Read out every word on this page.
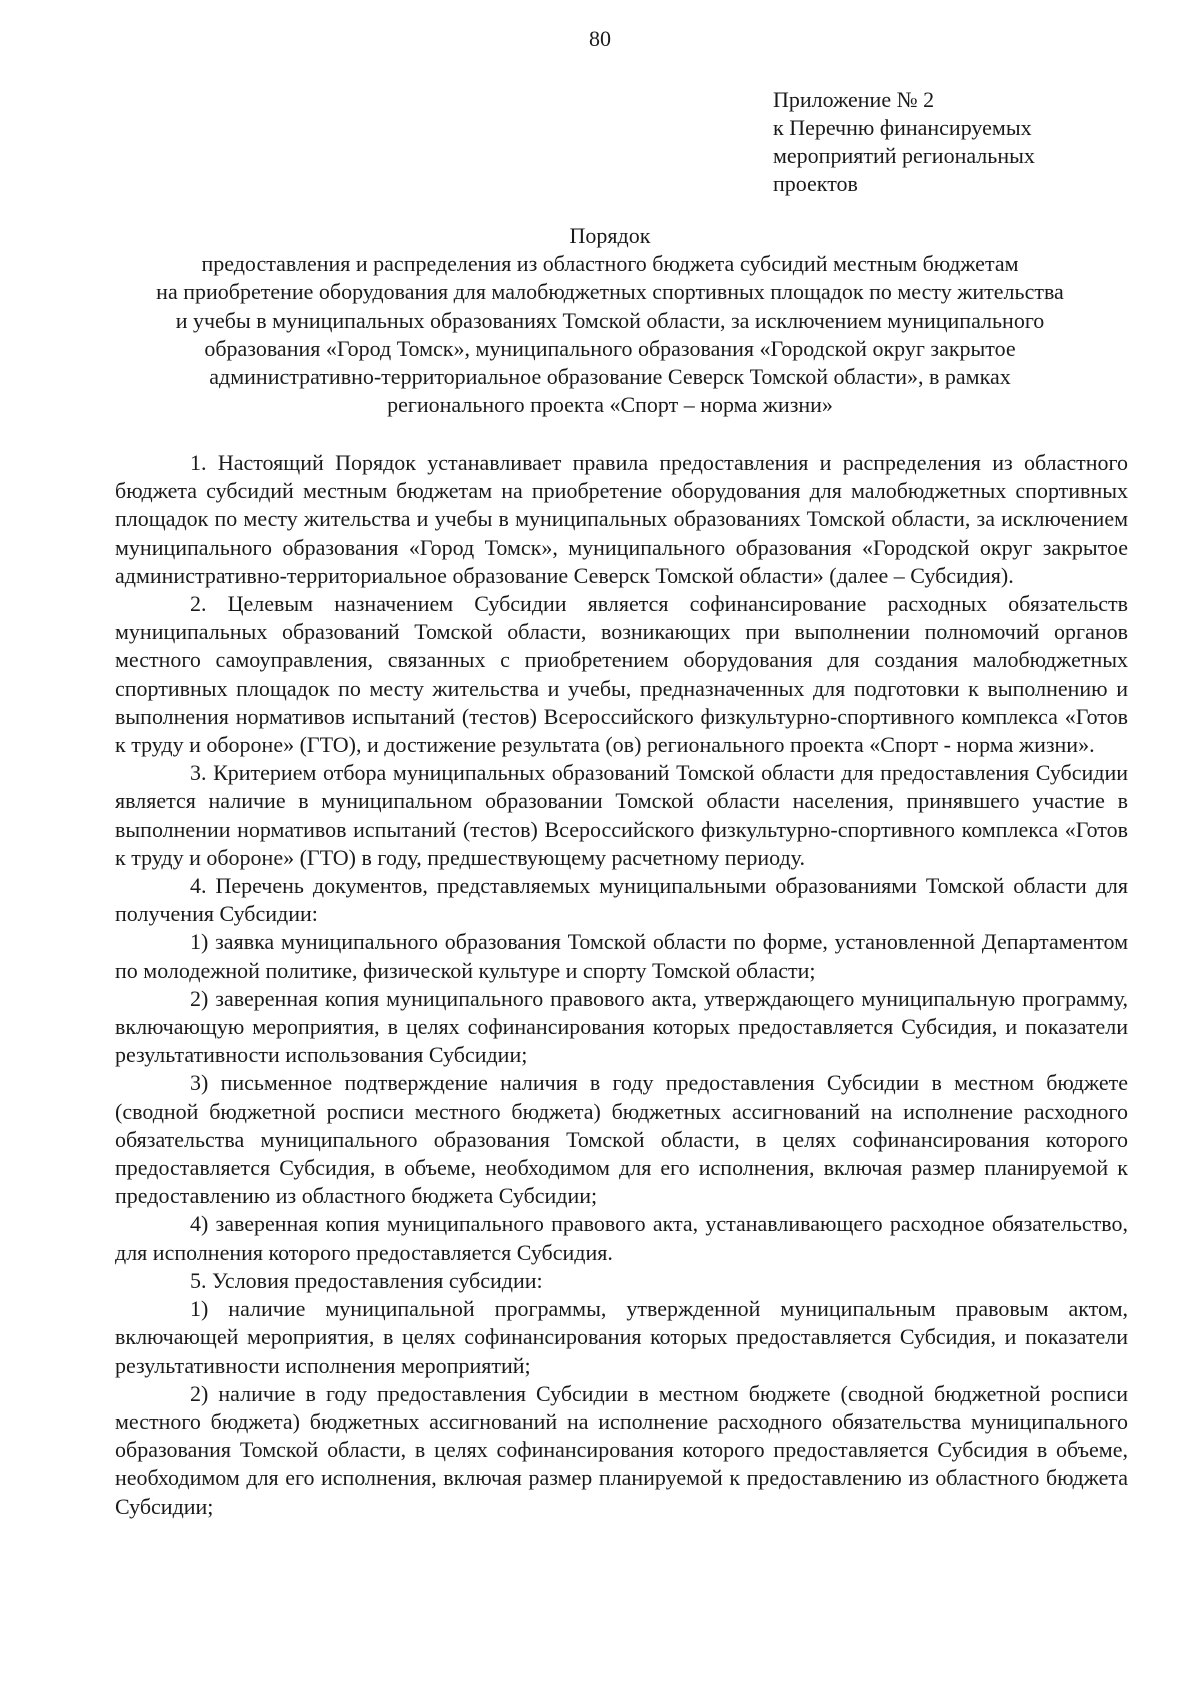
80
Приложение № 2
к Перечню финансируемых
мероприятий региональных
проектов
Порядок
предоставления и распределения из областного бюджета субсидий местным бюджетам
на приобретение оборудования для малобюджетных спортивных площадок по месту жительства
и учебы в муниципальных образованиях Томской области, за исключением муниципального
образования «Город Томск», муниципального образования «Городской округ закрытое
административно-территориальное образование Северск Томской области», в рамках
регионального проекта «Спорт – норма жизни»

1. Настоящий Порядок устанавливает правила предоставления и распределения из областного бюджета субсидий местным бюджетам на приобретение оборудования для малобюджетных спортивных площадок по месту жительства и учебы в муниципальных образованиях Томской области, за исключением муниципального образования «Город Томск», муниципального образования «Городской округ закрытое административно-территориальное образование Северск Томской области» (далее – Субсидия).

2. Целевым назначением Субсидии является софинансирование расходных обязательств муниципальных образований Томской области, возникающих при выполнении полномочий органов местного самоуправления, связанных с приобретением оборудования для создания малобюджетных спортивных площадок по месту жительства и учебы, предназначенных для подготовки к выполнению и выполнения нормативов испытаний (тестов) Всероссийского физкультурно-спортивного комплекса «Готов к труду и обороне» (ГТО), и достижение результата (ов) регионального проекта «Спорт - норма жизни».

3. Критерием отбора муниципальных образований Томской области для предоставления Субсидии является наличие в муниципальном образовании Томской области населения, принявшего участие в выполнении нормативов испытаний (тестов) Всероссийского физкультурно-спортивного комплекса «Готов к труду и обороне» (ГТО) в году, предшествующему расчетному периоду.

4. Перечень документов, представляемых муниципальными образованиями Томской области для получения Субсидии:

1) заявка муниципального образования Томской области по форме, установленной Департаментом по молодежной политике, физической культуре и спорту Томской области;

2) заверенная копия муниципального правового акта, утверждающего муниципальную программу, включающую мероприятия, в целях софинансирования которых предоставляется Субсидия, и показатели результативности использования Субсидии;

3) письменное подтверждение наличия в году предоставления Субсидии в местном бюджете (сводной бюджетной росписи местного бюджета) бюджетных ассигнований на исполнение расходного обязательства муниципального образования Томской области, в целях софинансирования которого предоставляется Субсидия, в объеме, необходимом для его исполнения, включая размер планируемой к предоставлению из областного бюджета Субсидии;

4) заверенная копия муниципального правового акта, устанавливающего расходное обязательство, для исполнения которого предоставляется Субсидия.

5. Условия предоставления субсидии:

1) наличие муниципальной программы, утвержденной муниципальным правовым актом, включающей мероприятия, в целях софинансирования которых предоставляется Субсидия, и показатели результативности исполнения мероприятий;

2) наличие в году предоставления Субсидии в местном бюджете (сводной бюджетной росписи местного бюджета) бюджетных ассигнований на исполнение расходного обязательства муниципального образования Томской области, в целях софинансирования которого предоставляется Субсидия в объеме, необходимом для его исполнения, включая размер планируемой к предоставлению из областного бюджета Субсидии;
